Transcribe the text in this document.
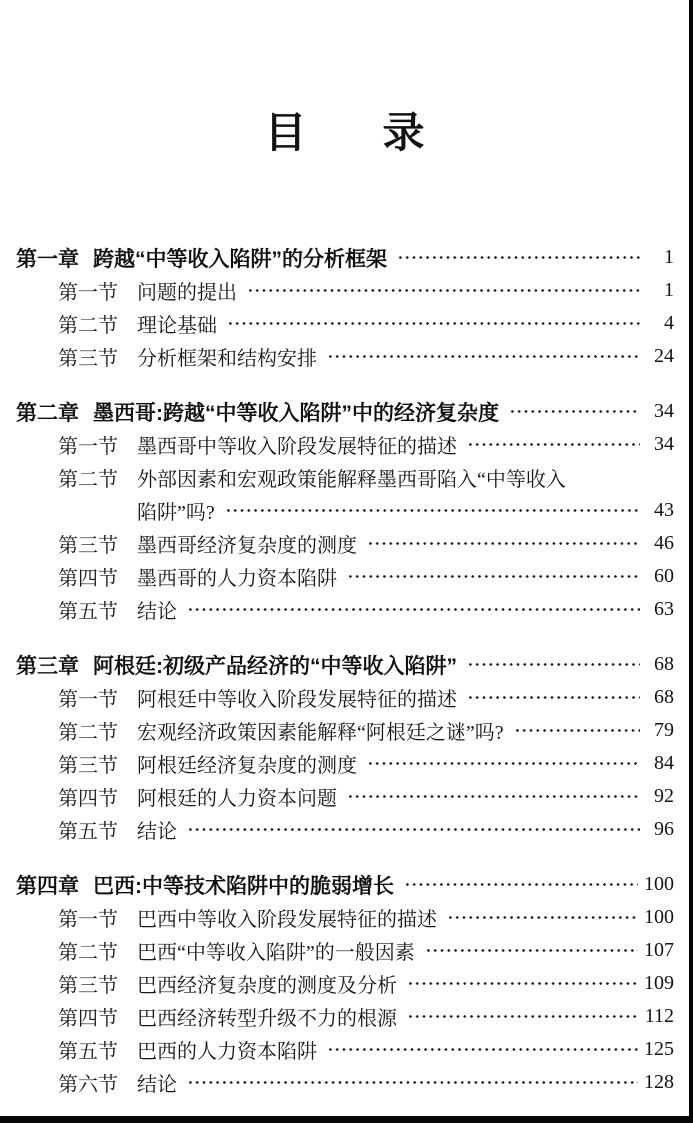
目 录
第一章 跨越“中等收入陷阱”的分析框架	1
第一节 问题的提出	1
第二节 理论基础	4
第三节 分析框架和结构安排	24
第二章 墨西哥:跨越“中等收入陷阱”中的经济复杂度	34
第一节 墨西哥中等收入阶段发展特征的描述	34
第二节 外部因素和宏观政策能解释墨西哥陷入“中等收入
陷阱”吗?	43
第三节 墨西哥经济复杂度的测度	46
第四节 墨西哥的人力资本陷阱	60
第五节 结论	63
第三章 阿根廷:初级产品经济的“中等收入陷阱”	68
第一节 阿根廷中等收入阶段发展特征的描述	68
第二节 宏观经济政策因素能解释“阿根廷之谜”吗?	79
第三节 阿根廷经济复杂度的测度	84
第四节 阿根廷的人力资本问题	92
第五节 结论	96
第四章 巴西:中等技术陷阱中的脆弱增长	100
第一节 巴西中等收入阶段发展特征的描述	100
第二节 巴西“中等收入陷阱”的一般因素	107
第三节 巴西经济复杂度的测度及分析	109
第四节 巴西经济转型升级不力的根源	112
第五节 巴西的人力资本陷阱	125
第六节 结论	128
